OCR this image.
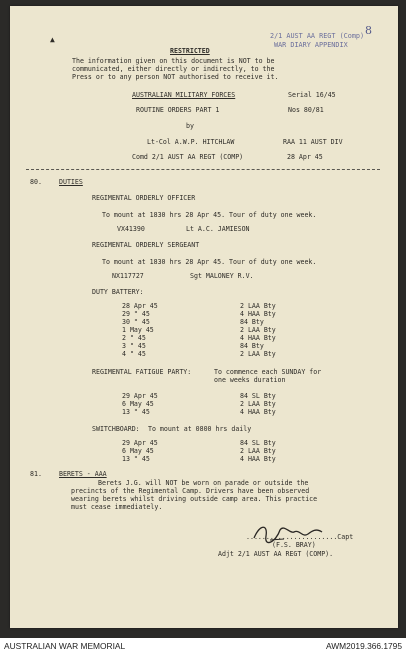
2/1 AUST AA REGT (Comp)
WAR DIARY APPENDIX
8
▲
RESTRICTED
The information given on this document is NOT to be
communicated, either directly or indirectly, to the
Press or to any person NOT authorised to receive it.
AUSTRALIAN MILITARY FORCES	Serial 16/45
ROUTINE ORDERS PART 1	Nos 80/81
by
Lt-Col A.W.P. HITCHLAW	RAA 11 AUST DIV
Comd 2/1 AUST AA REGT (COMP)	28 Apr 45
80.	DUTIES
REGIMENTAL ORDERLY OFFICER
To mount at 1830 hrs 28 Apr 45. Tour of duty one week.
VX41390	Lt A.C. JAMIESON
REGIMENTAL ORDERLY SERGEANT
To mount at 1830 hrs 28 Apr 45. Tour of duty one week.
NX117727	Sgt MALONEY R.V.
DUTY BATTERY:
28 Apr 45	2 LAA Bty
29 " 45	4 HAA Bty
30 " 45	84 Bty
1 May 45	2 LAA Bty
2 " 45	4 HAA Bty
3 " 45	84 Bty
4 " 45	2 LAA Bty
REGIMENTAL FATIGUE PARTY:	To commence each SUNDAY for
one weeks duration
29 Apr 45	84 SL Bty
6 May 45	2 LAA Bty
13 " 45	4 HAA Bty
SWITCHBOARD: To mount at 0800 hrs daily
29 Apr 45	84 SL Bty
6 May 45	2 LAA Bty
13 " 45	4 HAA Bty
81.	BERETS - AAA
Berets J.G. will NOT be worn on parade or outside the
precincts of the Regimental Camp. Drivers have been observed
wearing berets whilst driving outside camp area. This practice
must cease immediately.
.......................Capt
(F.S. BRAY)
Adjt 2/1 AUST AA REGT (COMP).
AUSTRALIAN WAR MEMORIAL	AWM2019.366.1795
